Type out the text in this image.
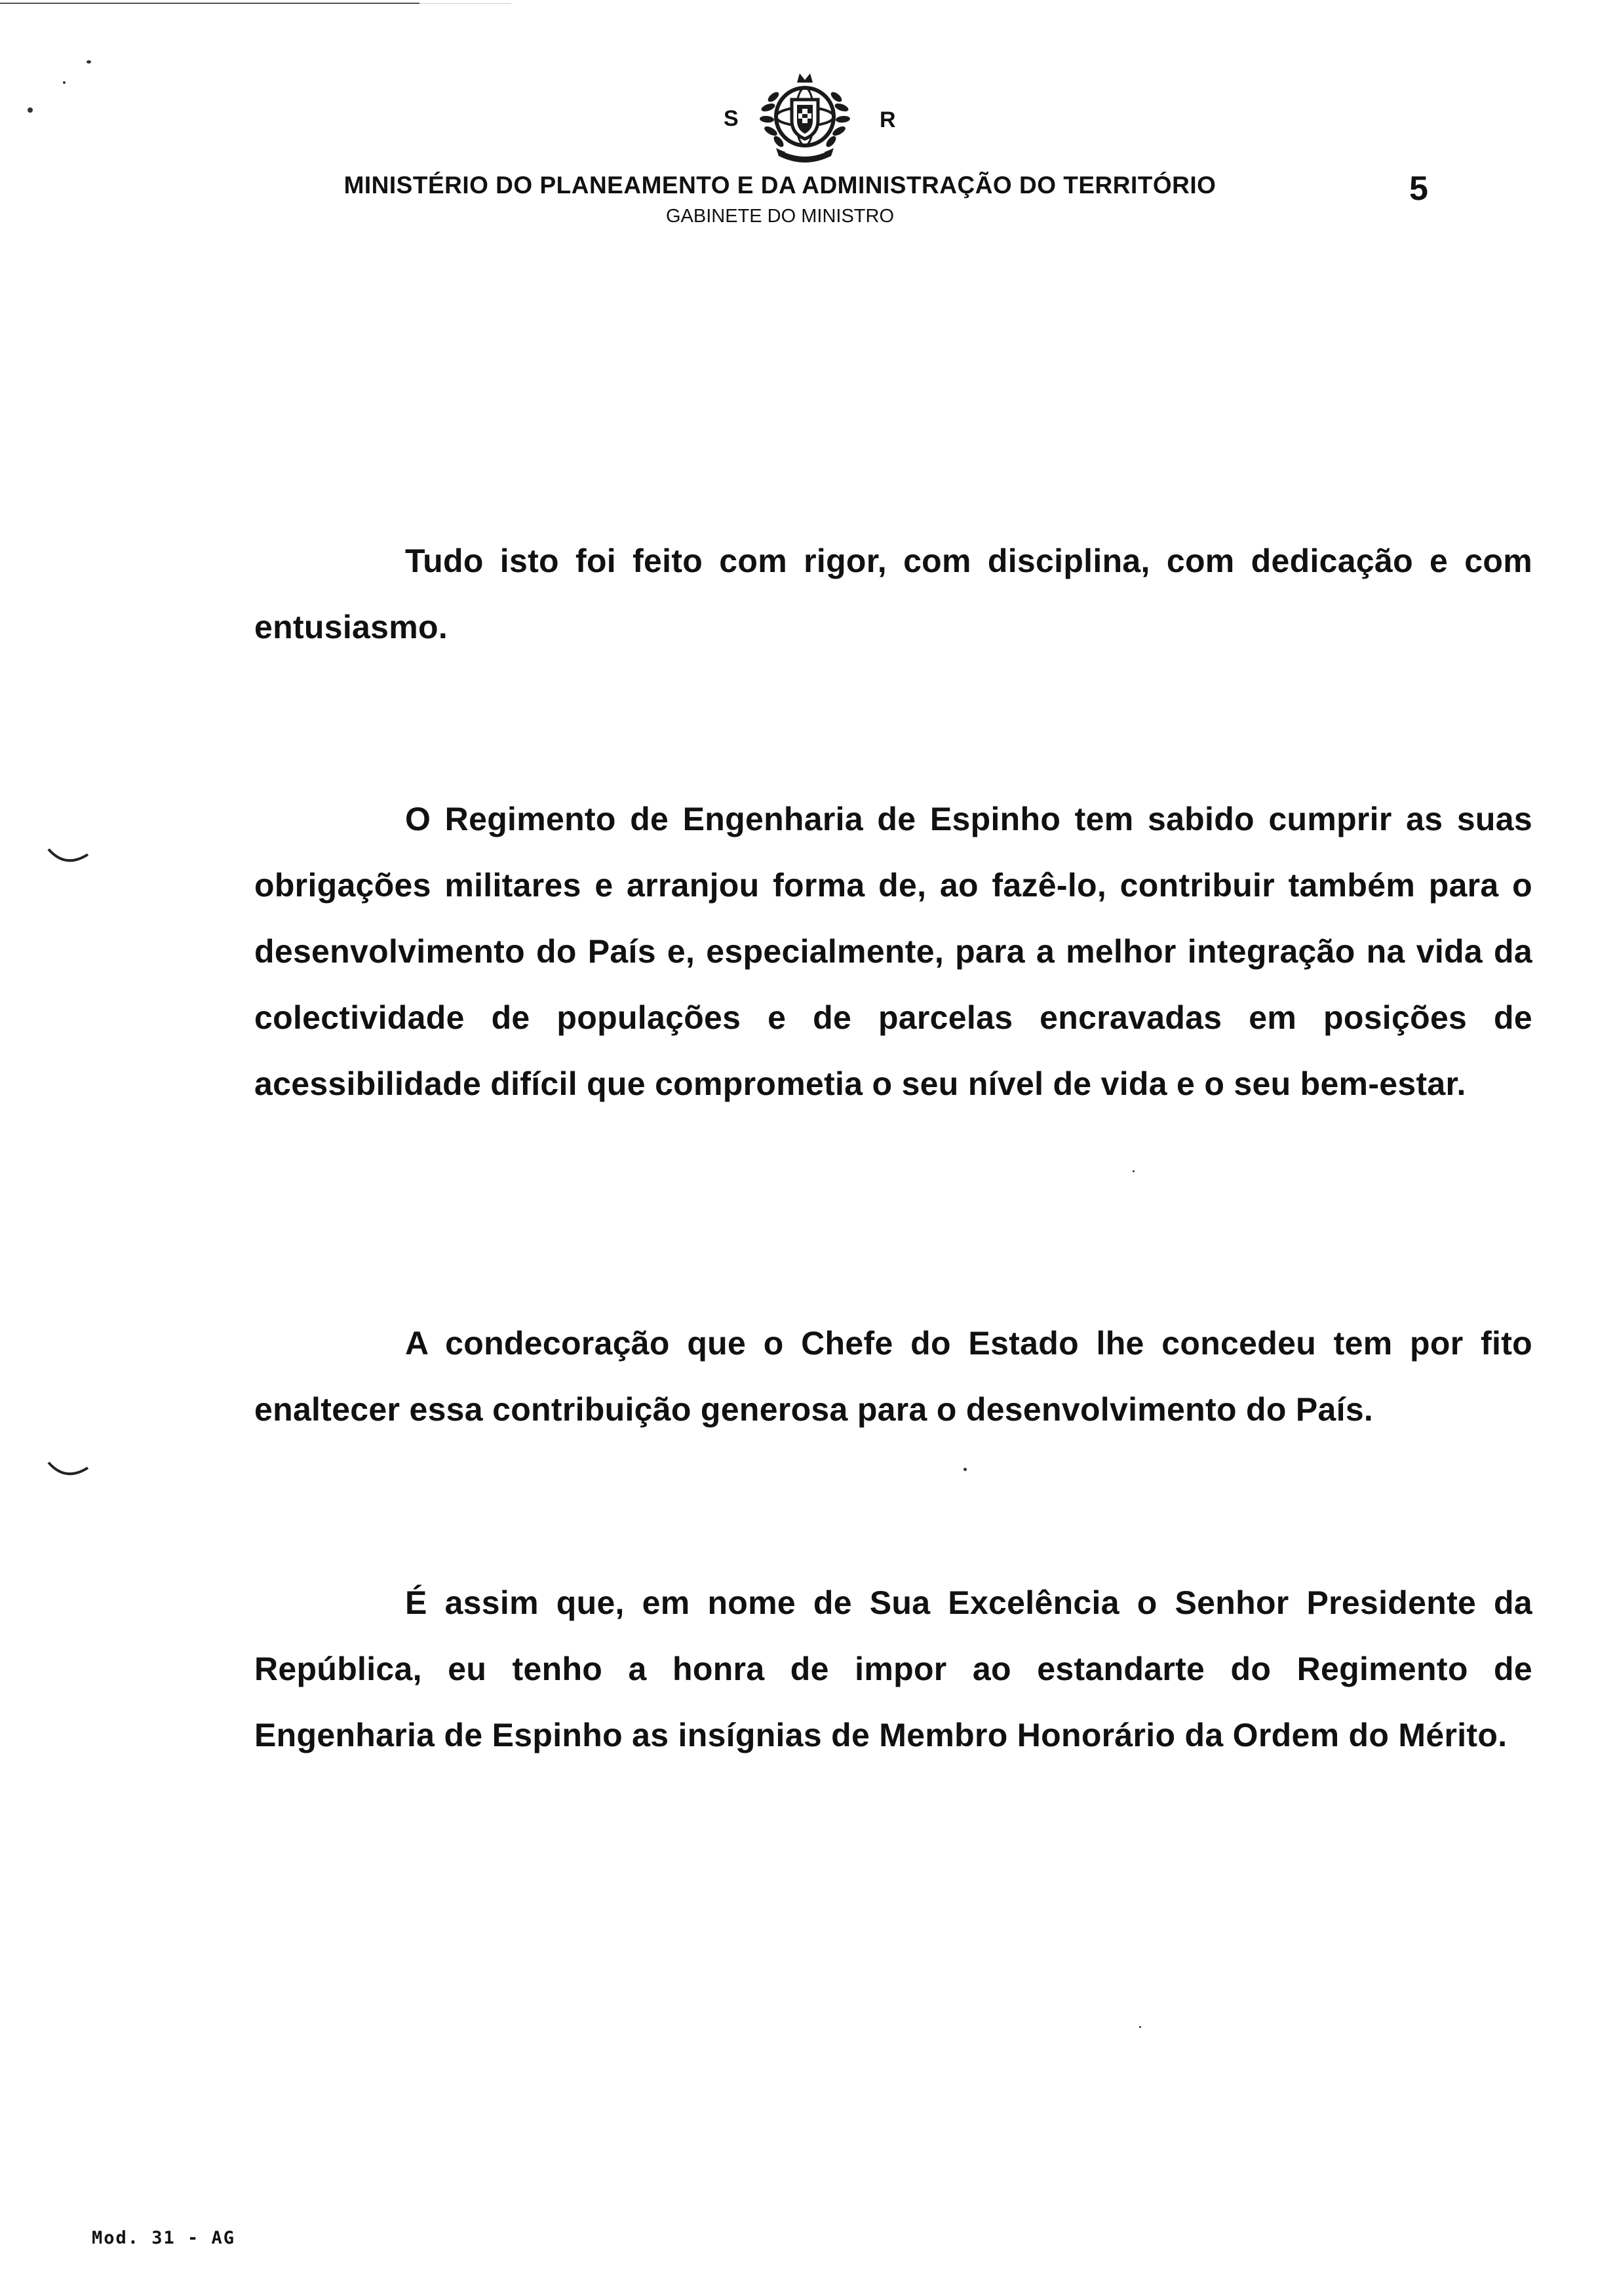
S	R
MINISTÉRIO DO PLANEAMENTO E DA ADMINISTRAÇÃO DO TERRITÓRIO
GABINETE DO MINISTRO
5
Tudo isto foi feito com rigor, com disciplina, com dedicação e com entusiasmo.
O Regimento de Engenharia de Espinho tem sabido cumprir as suas obrigações militares e arranjou forma de, ao fazê-lo, contribuir também para o desenvolvimento do País e, especialmente, para a melhor integração na vida da colectividade de populações e de parcelas encravadas em posições de acessibilidade difícil que comprometia o seu nível de vida e o seu bem-estar.
A condecoração que o Chefe do Estado lhe concedeu tem por fito enaltecer essa contribuição generosa para o desenvolvimento do País.
É assim que, em nome de Sua Excelência o Senhor Presidente da República, eu tenho a honra de impor ao estandarte do Regimento de Engenharia de Espinho as insígnias de Membro Honorário da Ordem do Mérito.
Mod. 31 - AG
